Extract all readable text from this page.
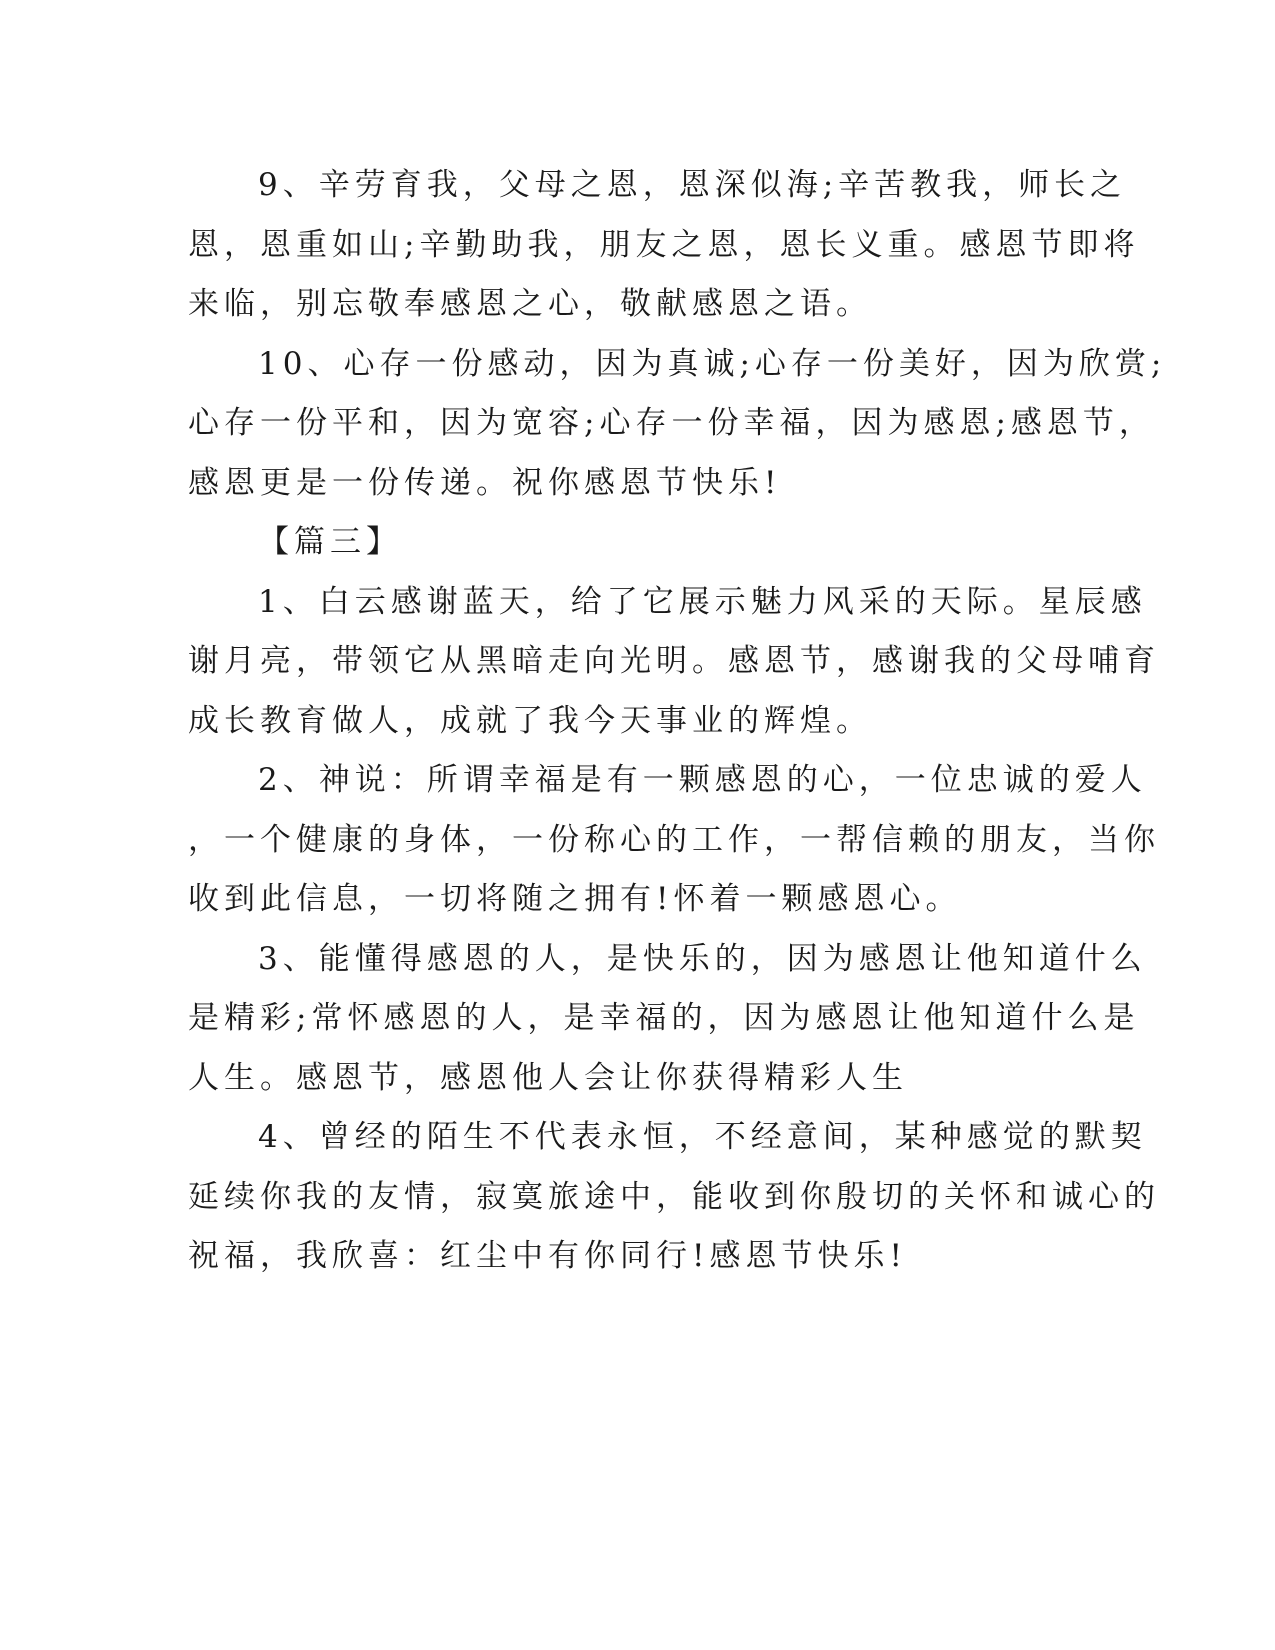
9、辛劳育我，父母之恩，恩深似海;辛苦教我，师长之
恩，恩重如山;辛勤助我，朋友之恩，恩长义重。感恩节即将
来临，别忘敬奉感恩之心，敬献感恩之语。
10、心存一份感动，因为真诚;心存一份美好，因为欣赏;
心存一份平和，因为宽容;心存一份幸福，因为感恩;感恩节，
感恩更是一份传递。祝你感恩节快乐!
【篇三】
1、白云感谢蓝天，给了它展示魅力风采的天际。星辰感
谢月亮，带领它从黑暗走向光明。感恩节，感谢我的父母哺育
成长教育做人，成就了我今天事业的辉煌。
2、神说：所谓幸福是有一颗感恩的心，一位忠诚的爱人
，一个健康的身体，一份称心的工作，一帮信赖的朋友，当你
收到此信息，一切将随之拥有!怀着一颗感恩心。
3、能懂得感恩的人，是快乐的，因为感恩让他知道什么
是精彩;常怀感恩的人，是幸福的，因为感恩让他知道什么是
人生。感恩节，感恩他人会让你获得精彩人生
4、曾经的陌生不代表永恒，不经意间，某种感觉的默契
延续你我的友情，寂寞旅途中，能收到你殷切的关怀和诚心的
祝福，我欣喜：红尘中有你同行!感恩节快乐!
